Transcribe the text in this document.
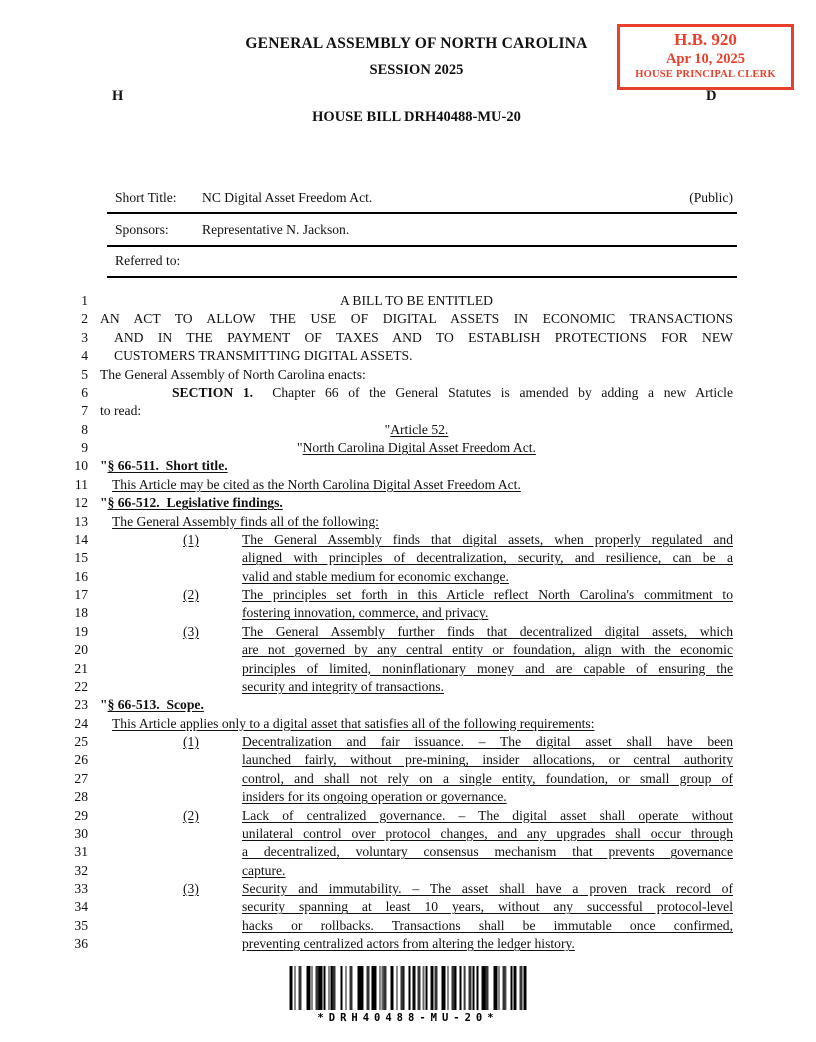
GENERAL ASSEMBLY OF NORTH CAROLINA
SESSION 2025
H.B. 920
Apr 10, 2025
HOUSE PRINCIPAL CLERK
H	D
HOUSE BILL DRH40488-MU-20
Short Title:	NC Digital Asset Freedom Act.	(Public)
Sponsors:	Representative N. Jackson.
Referred to:
1	A BILL TO BE ENTITLED
2 AN ACT TO ALLOW THE USE OF DIGITAL ASSETS IN ECONOMIC TRANSACTIONS
3	AND IN THE PAYMENT OF TAXES AND TO ESTABLISH PROTECTIONS FOR NEW
4	CUSTOMERS TRANSMITTING DIGITAL ASSETS.
5 The General Assembly of North Carolina enacts:
6	SECTION 1.  Chapter 66 of the General Statutes is amended by adding a new Article
7 to read:
8	"Article 52.
9	"North Carolina Digital Asset Freedom Act.
10 "§ 66-511.  Short title.
11	This Article may be cited as the North Carolina Digital Asset Freedom Act.
12 "§ 66-512.  Legislative findings.
13	The General Assembly finds all of the following:
14	(1)	The General Assembly finds that digital assets, when properly regulated and
15	aligned with principles of decentralization, security, and resilience, can be a
16	valid and stable medium for economic exchange.
17	(2)	The principles set forth in this Article reflect North Carolina's commitment to
18	fostering innovation, commerce, and privacy.
19	(3)	The General Assembly further finds that decentralized digital assets, which
20	are not governed by any central entity or foundation, align with the economic
21	principles of limited, noninflationary money and are capable of ensuring the
22	security and integrity of transactions.
23 "§ 66-513.  Scope.
24	This Article applies only to a digital asset that satisfies all of the following requirements:
25	(1)	Decentralization and fair issuance. – The digital asset shall have been
26	launched fairly, without pre-mining, insider allocations, or central authority
27	control, and shall not rely on a single entity, foundation, or small group of
28	insiders for its ongoing operation or governance.
29	(2)	Lack of centralized governance. – The digital asset shall operate without
30	unilateral control over protocol changes, and any upgrades shall occur through
31	a decentralized, voluntary consensus mechanism that prevents governance
32	capture.
33	(3)	Security and immutability. – The asset shall have a proven track record of
34	security spanning at least 10 years, without any successful protocol-level
35	hacks or rollbacks. Transactions shall be immutable once confirmed,
36	preventing centralized actors from altering the ledger history.
*DRH40488-MU-20*
